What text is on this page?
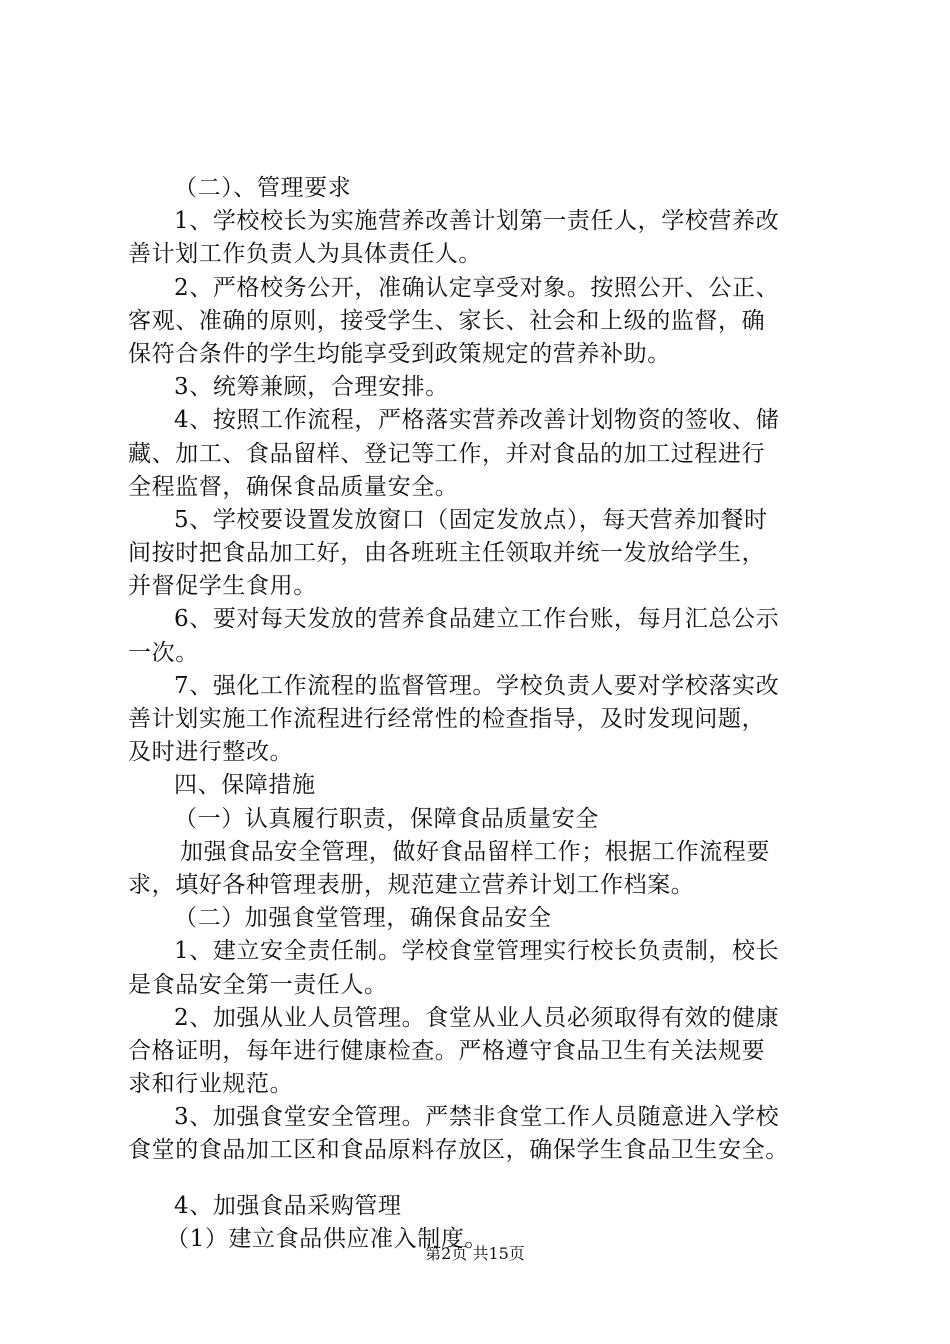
（二）、管理要求
1、学校校长为实施营养改善计划第一责任人，学校营养改
善计划工作负责人为具体责任人。
2、严格校务公开，准确认定享受对象。按照公开、公正、
客观、准确的原则，接受学生、家长、社会和上级的监督，确
保符合条件的学生均能享受到政策规定的营养补助。
3、统筹兼顾，合理安排。
4、按照工作流程，严格落实营养改善计划物资的签收、储
藏、加工、食品留样、登记等工作，并对食品的加工过程进行
全程监督，确保食品质量安全。
5、学校要设置发放窗口（固定发放点），每天营养加餐时
间按时把食品加工好，由各班班主任领取并统一发放给学生，
并督促学生食用。
6、要对每天发放的营养食品建立工作台账，每月汇总公示
一次。
7、强化工作流程的监督管理。学校负责人要对学校落实改
善计划实施工作流程进行经常性的检查指导，及时发现问题，
及时进行整改。
四、保障措施
（一）认真履行职责，保障食品质量安全
加强食品安全管理，做好食品留样工作；根据工作流程要
求，填好各种管理表册，规范建立营养计划工作档案。
（二）加强食堂管理，确保食品安全
1、建立安全责任制。学校食堂管理实行校长负责制，校长
是食品安全第一责任人。
2、加强从业人员管理。食堂从业人员必须取得有效的健康
合格证明，每年进行健康检查。严格遵守食品卫生有关法规要
求和行业规范。
3、加强食堂安全管理。严禁非食堂工作人员随意进入学校
食堂的食品加工区和食品原料存放区，确保学生食品卫生安全。
4、加强食品采购管理
（1）建立食品供应准入制度。
第2页 共15页
